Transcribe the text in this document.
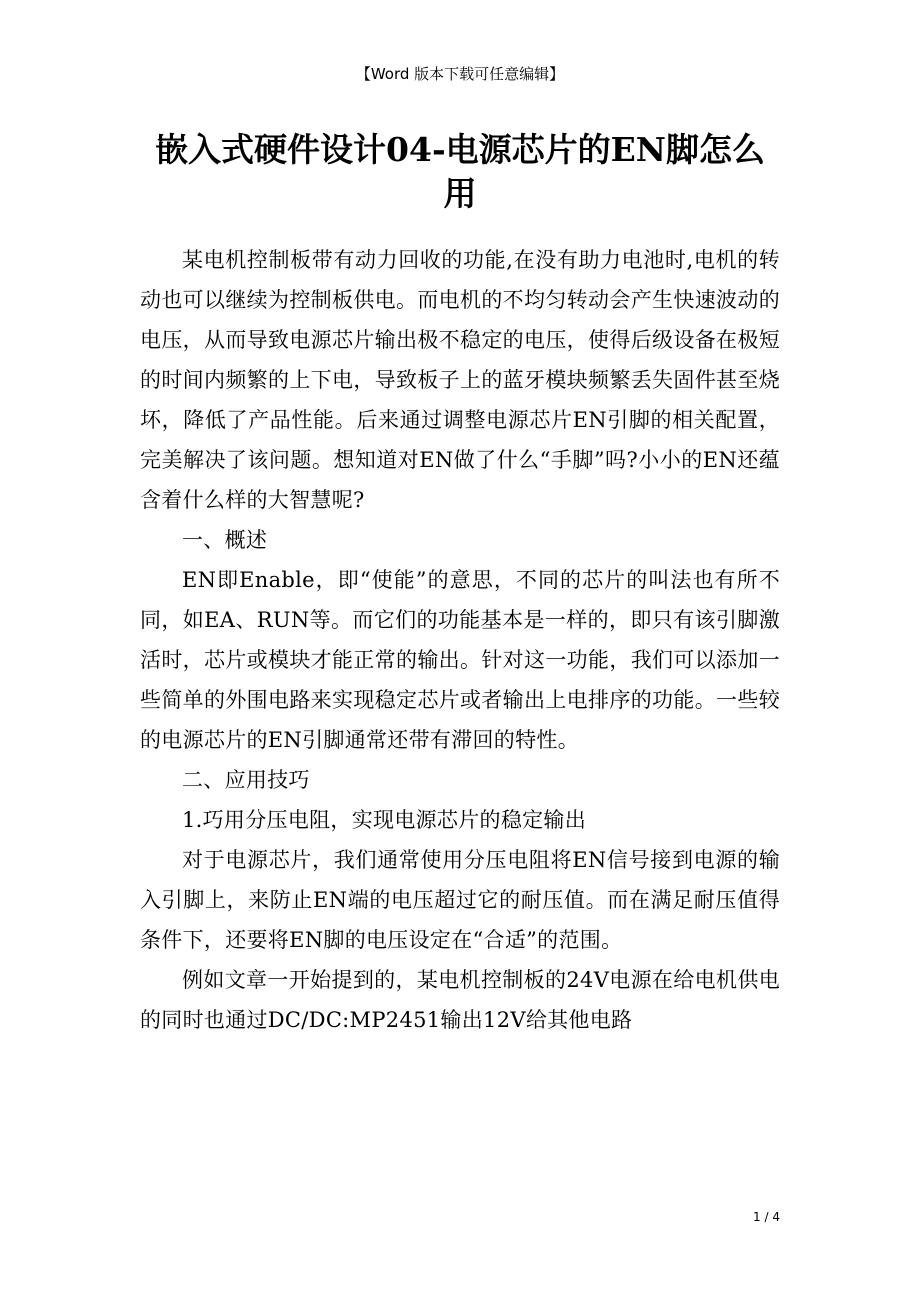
【Word 版本下载可任意编辑】
嵌入式硬件设计04-电源芯片的EN脚怎么用

某电机控制板带有动力回收的功能,在没有助力电池时,电机的转动也可以继续为控制板供电。而电机的不均匀转动会产生快速波动的电压，从而导致电源芯片输出极不稳定的电压，使得后级设备在极短的时间内频繁的上下电，导致板子上的蓝牙模块频繁丢失固件甚至烧坏，降低了产品性能。后来通过调整电源芯片EN引脚的相关配置，完美解决了该问题。想知道对EN做了什么“手脚”吗?小小的EN还蕴含着什么样的大智慧呢?

一、概述

EN即Enable，即“使能”的意思，不同的芯片的叫法也有所不同，如EA、RUN等。而它们的功能基本是一样的，即只有该引脚激活时，芯片或模块才能正常的输出。针对这一功能，我们可以添加一些简单的外围电路来实现稳定芯片或者输出上电排序的功能。一些较的电源芯片的EN引脚通常还带有滞回的特性。

二、应用技巧

1.巧用分压电阻，实现电源芯片的稳定输出

对于电源芯片，我们通常使用分压电阻将EN信号接到电源的输入引脚上，来防止EN端的电压超过它的耐压值。而在满足耐压值得条件下，还要将EN脚的电压设定在“合适”的范围。

例如文章一开始提到的，某电机控制板的24V电源在给电机供电的同时也通过DC/DC:MP2451输出12V给其他电路

1 / 4
